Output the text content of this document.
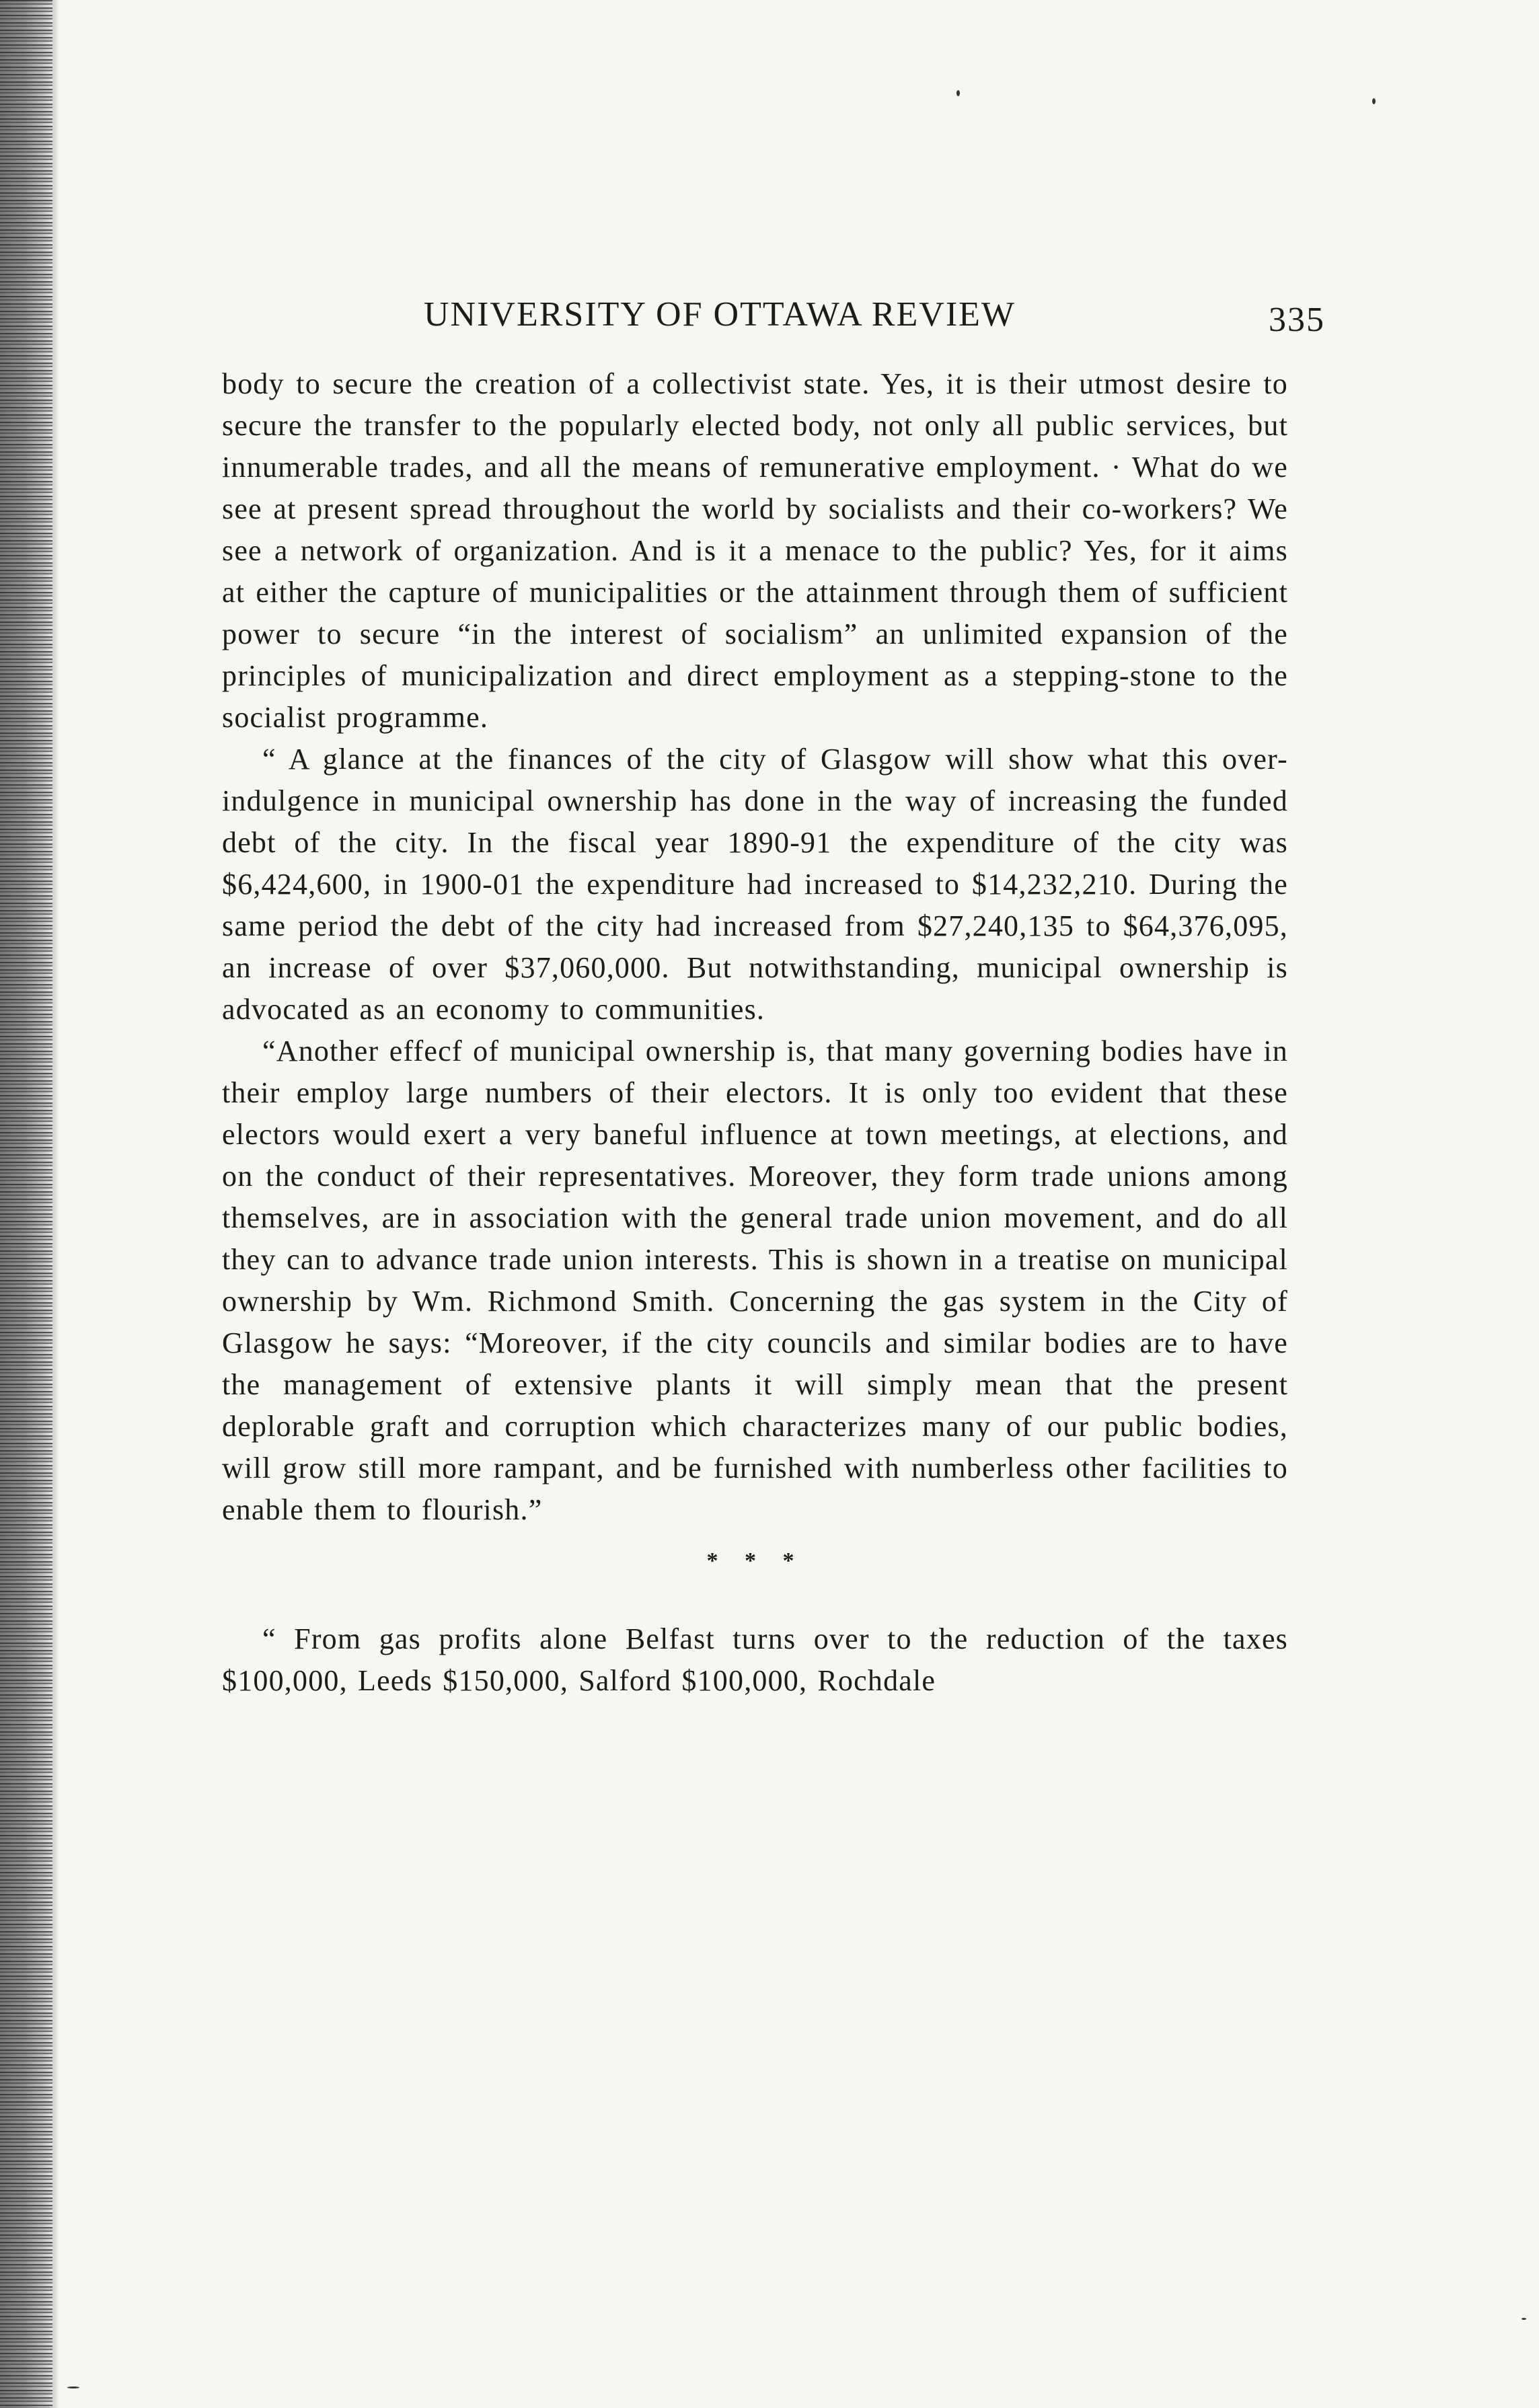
UNIVERSITY OF OTTAWA REVIEW	335

body to secure the creation of a collectivist state. Yes, it is their utmost desire to secure the transfer to the popularly elected body, not only all public services, but innumerable trades, and all the means of remunerative employment. · What do we see at present spread throughout the world by socialists and their co-workers? We see a network of organization. And is it a menace to the public? Yes, for it aims at either the capture of municipalities or the attainment through them of sufficient power to secure “in the interest of socialism” an unlimited expansion of the principles of municipalization and direct employment as a stepping-stone to the socialist programme.

“ A glance at the finances of the city of Glasgow will show what this over-indulgence in municipal ownership has done in the way of increasing the funded debt of the city. In the fiscal year 1890-91 the expenditure of the city was $6,424,600, in 1900-01 the expenditure had increased to $14,232,210. During the same period the debt of the city had increased from $27,240,135 to $64,376,095, an increase of over $37,060,000. But notwithstanding, municipal ownership is advocated as an economy to communities.

“Another effecf of municipal ownership is, that many governing bodies have in their employ large numbers of their electors. It is only too evident that these electors would exert a very baneful influence at town meetings, at elections, and on the conduct of their representatives. Moreover, they form trade unions among themselves, are in association with the general trade union movement, and do all they can to advance trade union interests. This is shown in a treatise on municipal ownership by Wm. Richmond Smith. Concerning the gas system in the City of Glasgow he says: “Moreover, if the city councils and similar bodies are to have the management of extensive plants it will simply mean that the present deplorable graft and corruption which characterizes many of our public bodies, will grow still more rampant, and be furnished with numberless other facilities to enable them to flourish.”

* * *

“ From gas profits alone Belfast turns over to the reduction of the taxes $100,000, Leeds $150,000, Salford $100,000, Rochdale
